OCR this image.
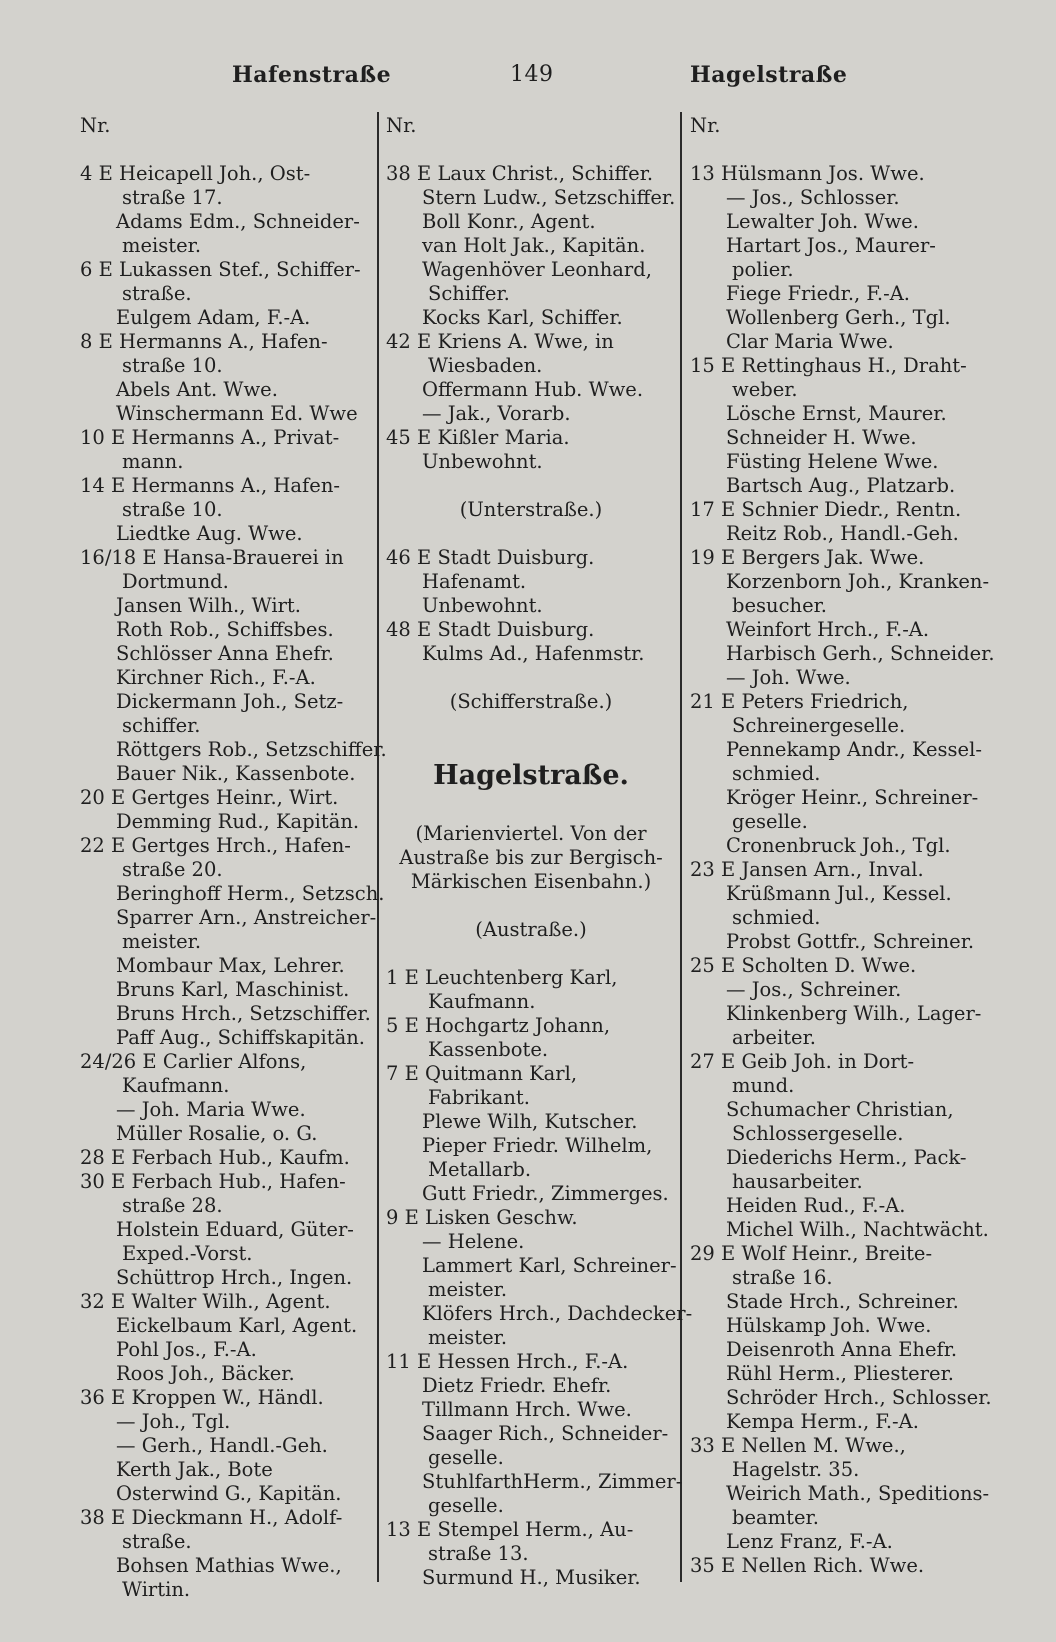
Hafenstraße	149	Hagelstraße
Nr.
4 E Heicapell Joh., Ost-
straße 17.
Adams Edm., Schneider-
meister.
6 E Lukassen Stef., Schiffer-
straße.
Eulgem Adam, F.-A.
8 E Hermanns A., Hafen-
straße 10.
Abels Ant. Wwe.
Winschermann Ed. Wwe
10 E Hermanns A., Privat-
mann.
14 E Hermanns A., Hafen-
straße 10.
Liedtke Aug. Wwe.
16/18 E Hansa-Brauerei in
Dortmund.
Jansen Wilh., Wirt.
Roth Rob., Schiffsbes.
Schlösser Anna Ehefr.
Kirchner Rich., F.-A.
Dickermann Joh., Setz-
schiffer.
Röttgers Rob., Setzschiffer.
Bauer Nik., Kassenbote.
20 E Gertges Heinr., Wirt.
Demming Rud., Kapitän.
22 E Gertges Hrch., Hafen-
straße 20.
Beringhoff Herm., Setzsch.
Sparrer Arn., Anstreicher-
meister.
Mombaur Max, Lehrer.
Bruns Karl, Maschinist.
Bruns Hrch., Setzschiffer.
Paff Aug., Schiffskapitän.
24/26 E Carlier Alfons,
Kaufmann.
— Joh. Maria Wwe.
Müller Rosalie, o. G.
28 E Ferbach Hub., Kaufm.
30 E Ferbach Hub., Hafen-
straße 28.
Holstein Eduard, Güter-
Exped.-Vorst.
Schüttrop Hrch., Ingen.
32 E Walter Wilh., Agent.
Eickelbaum Karl, Agent.
Pohl Jos., F.-A.
Roos Joh., Bäcker.
36 E Kroppen W., Händl.
— Joh., Tgl.
— Gerh., Handl.-Geh.
Kerth Jak., Bote
Osterwind G., Kapitän.
38 E Dieckmann H., Adolf-
straße.
Bohsen Mathias Wwe.,
Wirtin.
Nr.
38 E Laux Christ., Schiffer.
Stern Ludw., Setzschiffer.
Boll Konr., Agent.
van Holt Jak., Kapitän.
Wagenhöver Leonhard,
Schiffer.
Kocks Karl, Schiffer.
42 E Kriens A. Wwe, in
Wiesbaden.
Offermann Hub. Wwe.
— Jak., Vorarb.
45 E Kißler Maria.
Unbewohnt.
(Unterstraße.)
46 E Stadt Duisburg.
Hafenamt.
Unbewohnt.
48 E Stadt Duisburg.
Kulms Ad., Hafenmstr.
(Schifferstraße.)
Hagelstraße.
(Marienviertel. Von der
Austraße bis zur Bergisch-
Märkischen Eisenbahn.)
(Austraße.)
1 E Leuchtenberg Karl,
Kaufmann.
5 E Hochgartz Johann,
Kassenbote.
7 E Quitmann Karl,
Fabrikant.
Plewe Wilh, Kutscher.
Pieper Friedr. Wilhelm,
Metallarb.
Gutt Friedr., Zimmerges.
9 E Lisken Geschw.
— Helene.
Lammert Karl, Schreiner-
meister.
Klöfers Hrch., Dachdecker-
meister.
11 E Hessen Hrch., F.-A.
Dietz Friedr. Ehefr.
Tillmann Hrch. Wwe.
Saager Rich., Schneider-
geselle.
StuhlfarthHerm., Zimmer-
geselle.
13 E Stempel Herm., Au-
straße 13.
Surmund H., Musiker.
Nr.
13 Hülsmann Jos. Wwe.
— Jos., Schlosser.
Lewalter Joh. Wwe.
Hartart Jos., Maurer-
polier.
Fiege Friedr., F.-A.
Wollenberg Gerh., Tgl.
Clar Maria Wwe.
15 E Rettinghaus H., Draht-
weber.
Lösche Ernst, Maurer.
Schneider H. Wwe.
Füsting Helene Wwe.
Bartsch Aug., Platzarb.
17 E Schnier Diedr., Rentn.
Reitz Rob., Handl.-Geh.
19 E Bergers Jak. Wwe.
Korzenborn Joh., Kranken-
besucher.
Weinfort Hrch., F.-A.
Harbisch Gerh., Schneider.
— Joh. Wwe.
21 E Peters Friedrich,
Schreinergeselle.
Pennekamp Andr., Kessel-
schmied.
Kröger Heinr., Schreiner-
geselle.
Cronenbruck Joh., Tgl.
23 E Jansen Arn., Inval.
Krüßmann Jul., Kessel.
schmied.
Probst Gottfr., Schreiner.
25 E Scholten D. Wwe.
— Jos., Schreiner.
Klinkenberg Wilh., Lager-
arbeiter.
27 E Geib Joh. in Dort-
mund.
Schumacher Christian,
Schlossergeselle.
Diederichs Herm., Pack-
hausarbeiter.
Heiden Rud., F.-A.
Michel Wilh., Nachtwächt.
29 E Wolf Heinr., Breite-
straße 16.
Stade Hrch., Schreiner.
Hülskamp Joh. Wwe.
Deisenroth Anna Ehefr.
Rühl Herm., Pliesterer.
Schröder Hrch., Schlosser.
Kempa Herm., F.-A.
33 E Nellen M. Wwe.,
Hagelstr. 35.
Weirich Math., Speditions-
beamter.
Lenz Franz, F.-A.
35 E Nellen Rich. Wwe.
